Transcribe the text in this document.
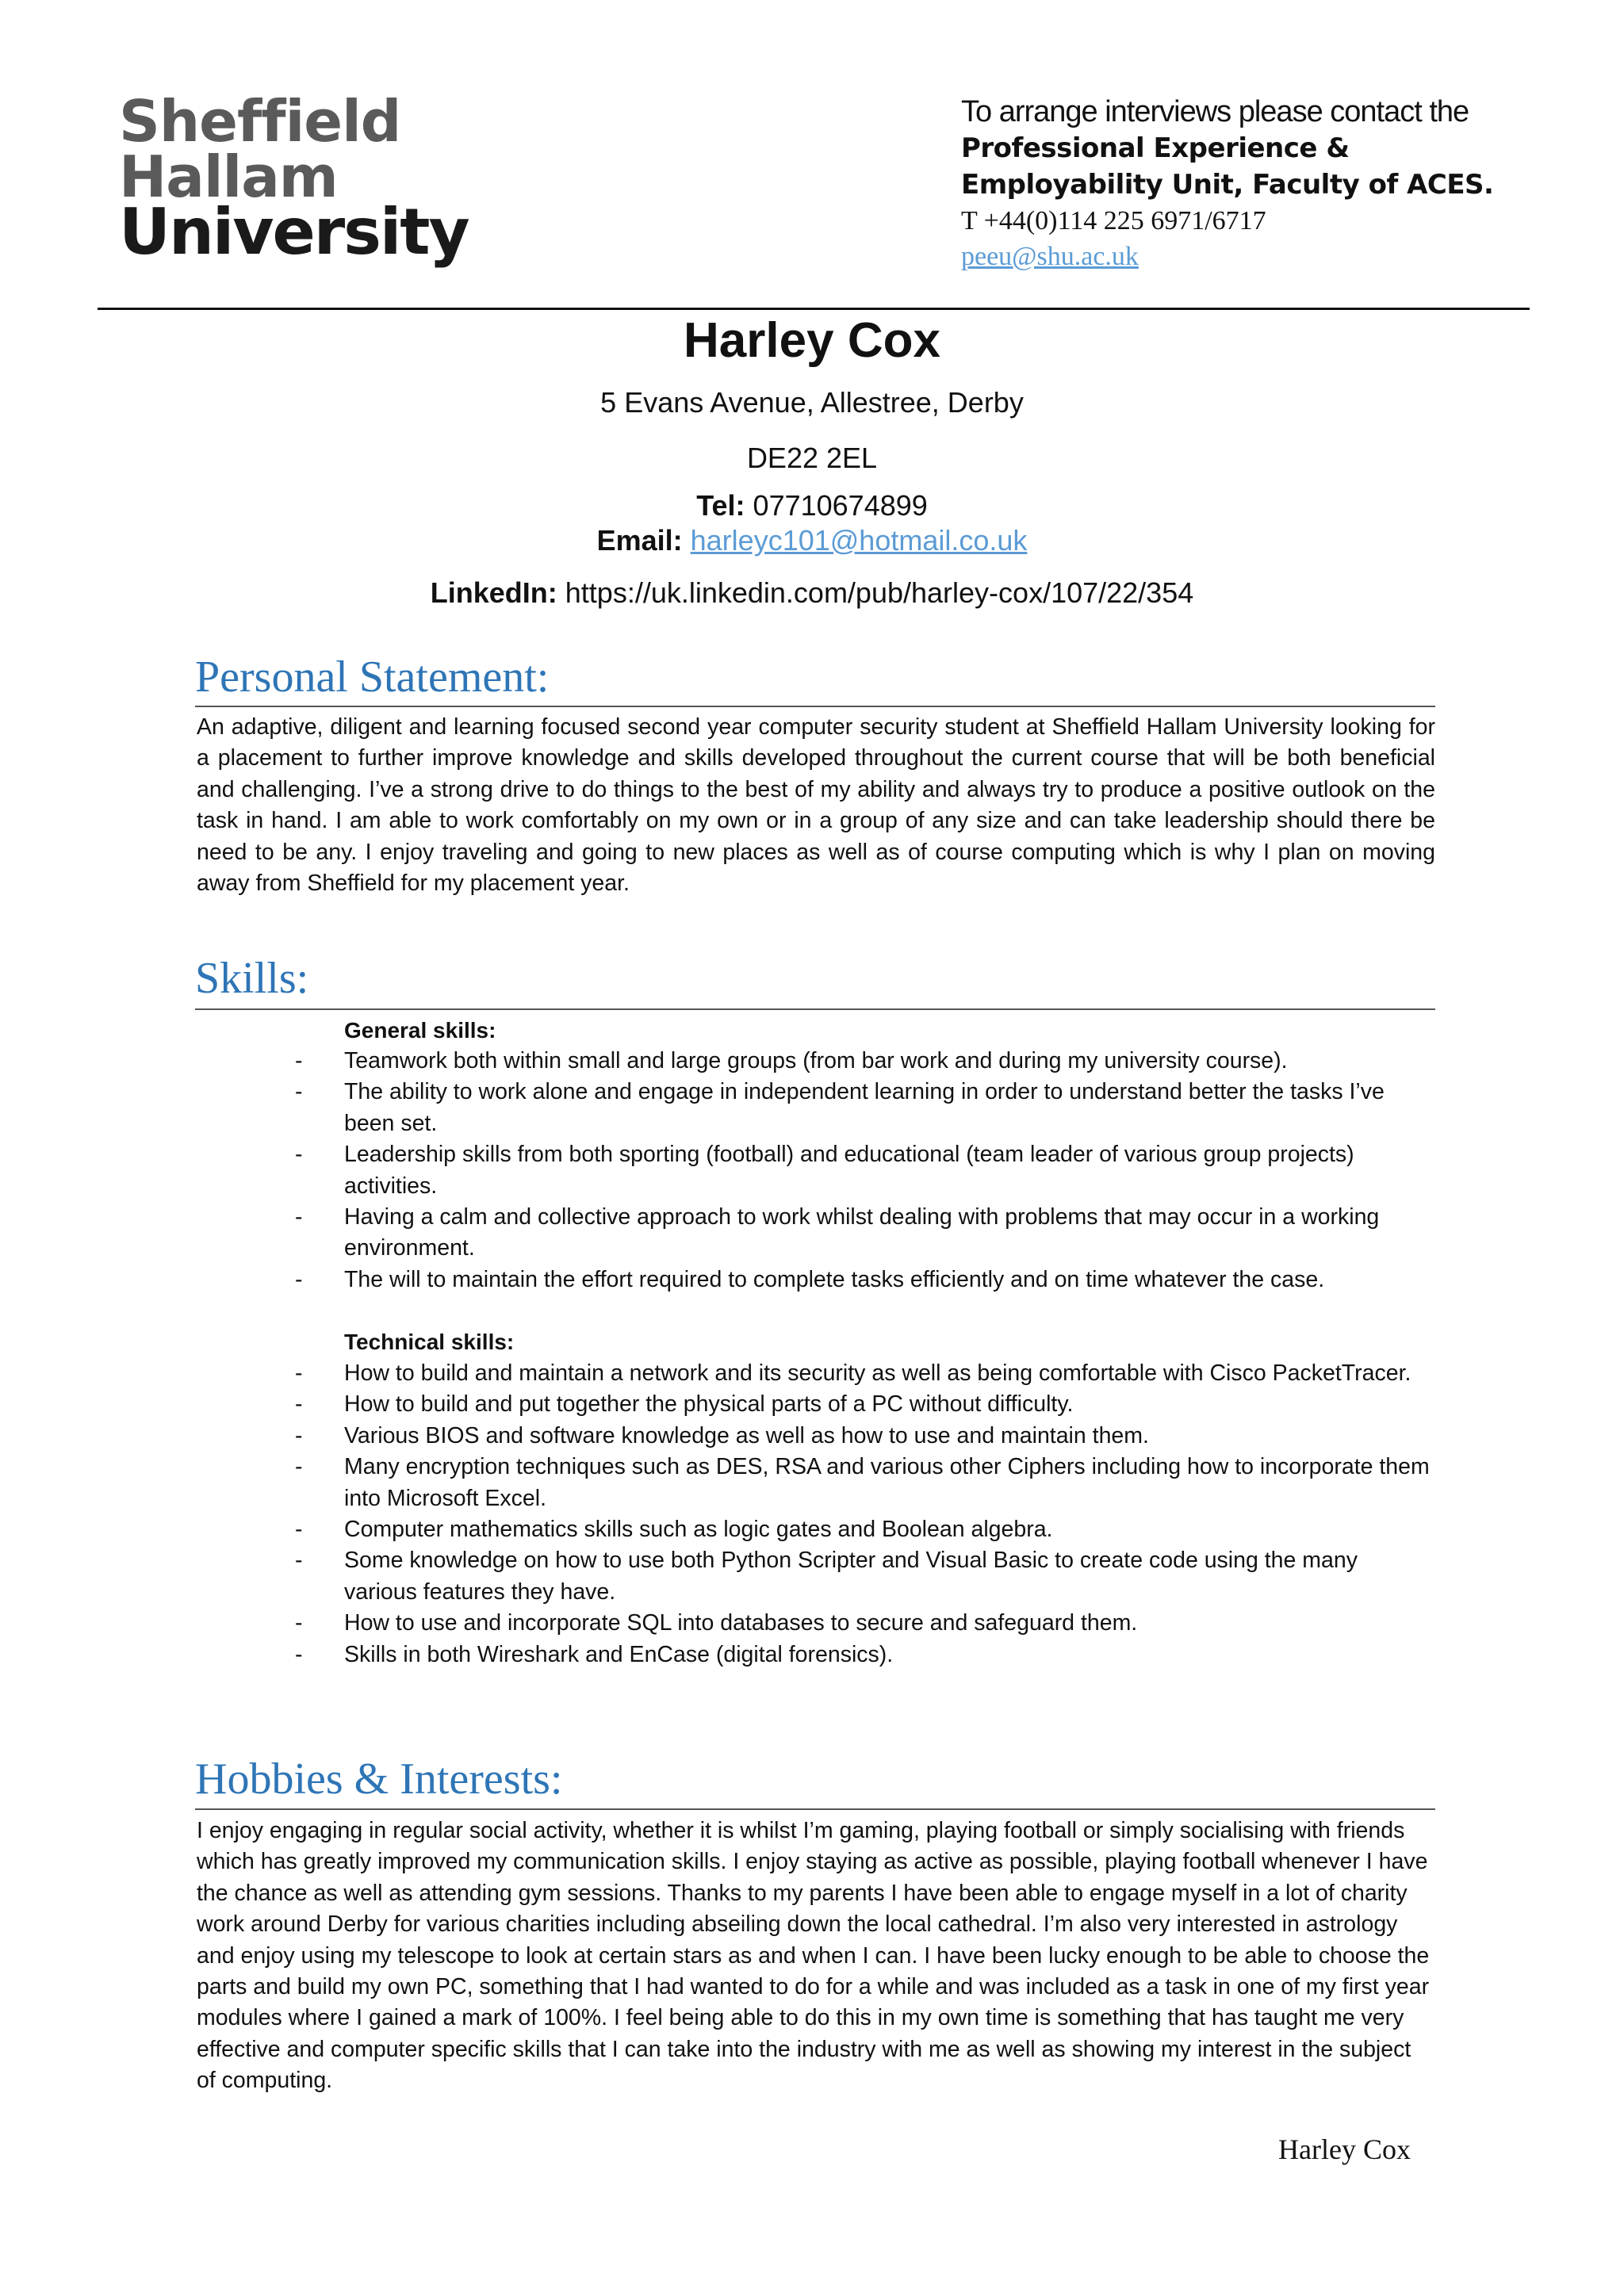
Sheffield
Hallam
University
To arrange interviews please contact the
Professional Experience &
Employability Unit, Faculty of ACES.
T +44(0)114 225 6971/6717
peeu@shu.ac.uk
Harley Cox
5 Evans Avenue, Allestree, Derby
DE22 2EL
Tel: 07710674899
Email: harleyc101@hotmail.co.uk
LinkedIn: https://uk.linkedin.com/pub/harley-cox/107/22/354
Personal Statement:
An adaptive, diligent and learning focused second year computer security student at Sheffield Hallam University looking for a placement to further improve knowledge and skills developed throughout the current course that will be both beneficial and challenging. I’ve a strong drive to do things to the best of my ability and always try to produce a positive outlook on the task in hand. I am able to work comfortably on my own or in a group of any size and can take leadership should there be need to be any. I enjoy traveling and going to new places as well as of course computing which is why I plan on moving away from Sheffield for my placement year.
Skills:
General skills:
- Teamwork both within small and large groups (from bar work and during my university course).
- The ability to work alone and engage in independent learning in order to understand better the tasks I’ve been set.
- Leadership skills from both sporting (football) and educational (team leader of various group projects) activities.
- Having a calm and collective approach to work whilst dealing with problems that may occur in a working environment.
- The will to maintain the effort required to complete tasks efficiently and on time whatever the case.
Technical skills:
- How to build and maintain a network and its security as well as being comfortable with Cisco PacketTracer.
- How to build and put together the physical parts of a PC without difficulty.
- Various BIOS and software knowledge as well as how to use and maintain them.
- Many encryption techniques such as DES, RSA and various other Ciphers including how to incorporate them into Microsoft Excel.
- Computer mathematics skills such as logic gates and Boolean algebra.
- Some knowledge on how to use both Python Scripter and Visual Basic to create code using the many various features they have.
- How to use and incorporate SQL into databases to secure and safeguard them.
- Skills in both Wireshark and EnCase (digital forensics).
Hobbies & Interests:
I enjoy engaging in regular social activity, whether it is whilst I’m gaming, playing football or simply socialising with friends which has greatly improved my communication skills. I enjoy staying as active as possible, playing football whenever I have the chance as well as attending gym sessions. Thanks to my parents I have been able to engage myself in a lot of charity work around Derby for various charities including abseiling down the local cathedral. I’m also very interested in astrology and enjoy using my telescope to look at certain stars as and when I can. I have been lucky enough to be able to choose the parts and build my own PC, something that I had wanted to do for a while and was included as a task in one of my first year modules where I gained a mark of 100%. I feel being able to do this in my own time is something that has taught me very effective and computer specific skills that I can take into the industry with me as well as showing my interest in the subject of computing.
Harley Cox
